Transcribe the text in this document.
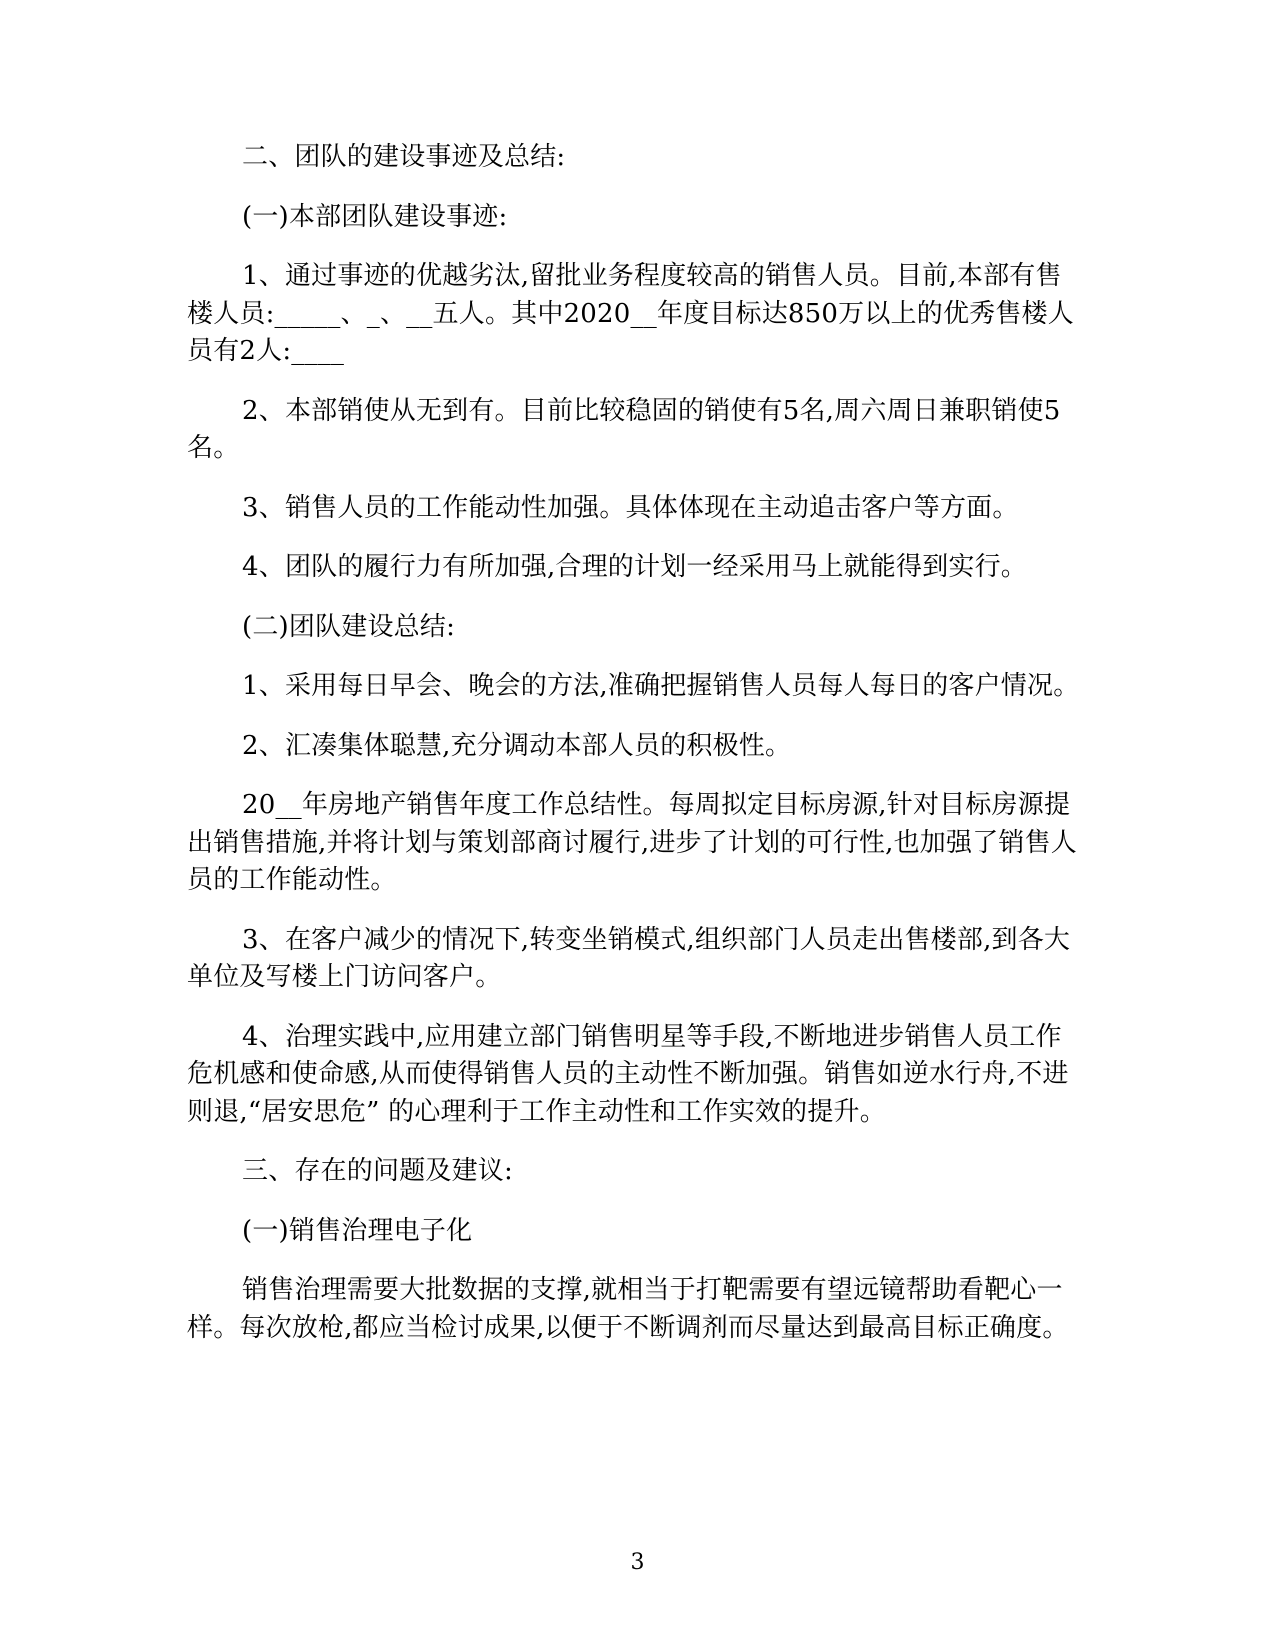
二、团队的建设事迹及总结:

(一)本部团队建设事迹:

1、通过事迹的优越劣汰,留批业务程度较高的销售人员。目前,本部有售楼人员:_____、_、__五人。其中2020__年度目标达850万以上的优秀售楼人员有2人:____

2、本部销使从无到有。目前比较稳固的销使有5名,周六周日兼职销使5名。

3、销售人员的工作能动性加强。具体体现在主动追击客户等方面。

4、团队的履行力有所加强,合理的计划一经采用马上就能得到实行。

(二)团队建设总结:

1、采用每日早会、晚会的方法,准确把握销售人员每人每日的客户情况。

2、汇凑集体聪慧,充分调动本部人员的积极性。

20__年房地产销售年度工作总结性。每周拟定目标房源,针对目标房源提出销售措施,并将计划与策划部商讨履行,进步了计划的可行性,也加强了销售人员的工作能动性。

3、在客户减少的情况下,转变坐销模式,组织部门人员走出售楼部,到各大单位及写楼上门访问客户。

4、治理实践中,应用建立部门销售明星等手段,不断地进步销售人员工作危机感和使命感,从而使得销售人员的主动性不断加强。销售如逆水行舟,不进则退,“居安思危” 的心理利于工作主动性和工作实效的提升。

三、存在的问题及建议:

(一)销售治理电子化

销售治理需要大批数据的支撑,就相当于打靶需要有望远镜帮助看靶心一样。每次放枪,都应当检讨成果,以便于不断调剂而尽量达到最高目标正确度。

3
